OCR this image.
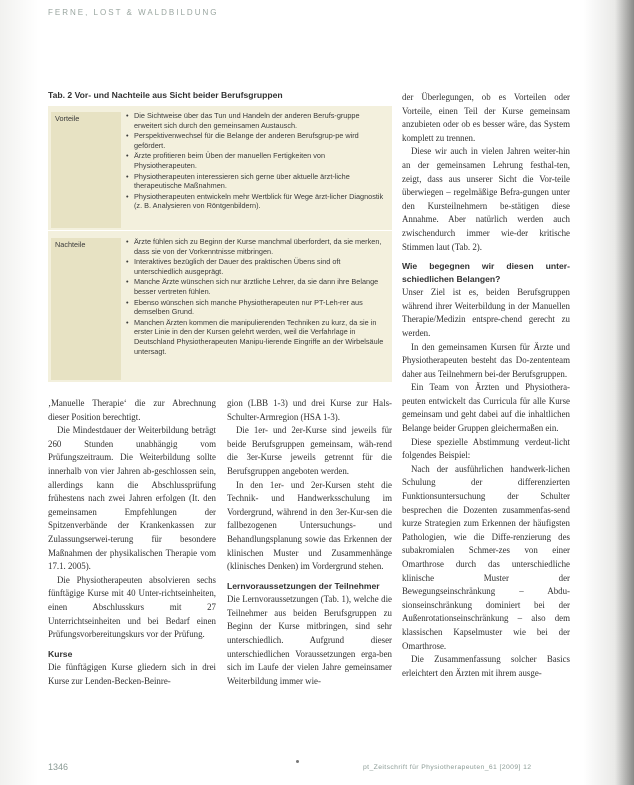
FERNE, LOST & WALDBILDUNG
Tab. 2 Vor- und Nachteile aus Sicht beider Berufsgruppen
Vorteile	• Die Sichtweise über das Tun und Handeln der anderen Berufs-gruppe erweitert sich durch den gemeinsamen Austausch.
• Perspektivenwechsel für die Belange der anderen Berufsgrup-pe wird gefördert.
• Ärzte profitieren beim Üben der manuellen Fertigkeiten von Physiotherapeuten.
• Physiotherapeuten interessieren sich gerne über aktuelle ärzt-liche therapeutische Maßnahmen.
• Physiotherapeuten entwickeln mehr Wertblick für Wege ärzt-licher Diagnostik (z. B. Analysieren von Röntgenbildern).
Nachteile	• Ärzte fühlen sich zu Beginn der Kurse manchmal überfordert, da sie merken, dass sie von der Vorkenntnisse mitbringen.
• Interaktives bezüglich der Dauer des praktischen Übens sind oft unterschiedlich ausgeprägt.
• Manche Ärzte wünschen sich nur ärztliche Lehrer, da sie dann ihre Belange besser vertreten fühlen.
• Ebenso wünschen sich manche Physiotherapeuten nur PT-Leh-rer aus demselben Grund.
• Manchen Ärzten kommen die manipulierenden Techniken zu kurz, da sie in erster Linie in den der Kursen gelehrt werden, weil die Verfahrlage in Deutschland Physiotherapeuten Manipu-lierende Eingriffe an der Wirbelsäule untersagt.

‚Manuelle Therapie‘ die zur Abrechnung dieser Position berechtigt.

Die Mindestdauer der Weiterbildung beträgt 260 Stunden unabhängig vom Prüfungszeitraum. Die Weiterbildung sollte innerhalb von vier Jahren ab-geschlossen sein, allerdings kann die Abschlussprüfung frühestens nach zwei Jahren erfolgen (It. den gemeinsamen Empfehlungen der Spitzenverbände der Krankenkassen zur Zulassungserwei-terung für besondere Maßnahmen der physikalischen Therapie vom 17.1. 2005).

Die Physiotherapeuten absolvieren sechs fünftägige Kurse mit 40 Unter-richtseinheiten, einen Abschlusskurs mit 27 Unterrichtseinheiten und bei Bedarf einen Prüfungsvorbereitungskurs vor der Prüfung.

Kurse

Die fünftägigen Kurse gliedern sich in drei Kurse zur Lenden-Becken-Beinre-

gion (LBB 1-3) und drei Kurse zur Hals-Schulter-Armregion (HSA 1-3).

Die 1er- und 2er-Kurse sind jeweils für beide Berufsgruppen gemeinsam, wäh-rend die 3er-Kurse jeweils getrennt für die Berufsgruppen angeboten werden.

In den 1er- und 2er-Kursen steht die Technik- und Handwerksschulung im Vordergrund, während in den 3er-Kur-sen die fallbezogenen Untersuchungs- und Behandlungsplanung sowie das Erkennen der klinischen Muster und Zusammenhänge (klinisches Denken) im Vordergrund stehen.

Lernvoraussetzungen der Teilnehmer

Die Lernvoraussetzungen (Tab. 1), welche die Teilnehmer aus beiden Berufsgruppen zu Beginn der Kurse mitbringen, sind sehr unterschiedlich. Aufgrund dieser unterschiedlichen Voraussetzungen erga-ben sich im Laufe der vielen Jahre gemeinsamer Weiterbildung immer wie-

der Überlegungen, ob es Vorteilen oder Vorteile, einen Teil der Kurse gemeinsam anzubieten oder ob es besser wäre, das System komplett zu trennen.

Diese wir auch in vielen Jahren weiter-hin an der gemeinsamen Lehrung festhal-ten, zeigt, dass aus unserer Sicht die Vor-teile überwiegen – regelmäßige Befra-gungen unter den Kursteilnehmern be-stätigen diese Annahme. Aber natürlich werden auch zwischendurch immer wie-der kritische Stimmen laut (Tab. 2).

Wie begegnen wir diesen unter-schiedlichen Belangen?

Unser Ziel ist es, beiden Berufsgruppen während ihrer Weiterbildung in der Manuellen Therapie/Medizin entspre-chend gerecht zu werden.

In den gemeinsamen Kursen für Ärzte und Physiotherapeuten besteht das Do-zententeam daher aus Teilnehmern bei-der Berufsgruppen.

Ein Team von Ärzten und Physiothera-peuten entwickelt das Curricula für alle Kurse gemeinsam und geht dabei auf die inhaltlichen Belange beider Gruppen gleichermaßen ein.

Diese spezielle Abstimmung verdeut-licht folgendes Beispiel:

Nach der ausführlichen handwerk-lichen Schulung der differenzierten Funktionsuntersuchung der Schulter besprechen die Dozenten zusammenfas-send kurze Strategien zum Erkennen der häufigsten Pathologien, wie die Diffe-renzierung des subakromialen Schmer-zes von einer Omarthrose durch das unterschiedliche klinische Muster der Bewegungseinschränkung – Abdu-sionseinschränkung dominiert bei der Außenrotationseinschränkung – also dem klassischen Kapselmuster wie bei der Omarthrose.

Die Zusammenfassung solcher Basics erleichtert den Ärzten mit ihrem ausge-

1346	pt_Zeitschrift für Physiotherapeuten_61 [2009] 12
